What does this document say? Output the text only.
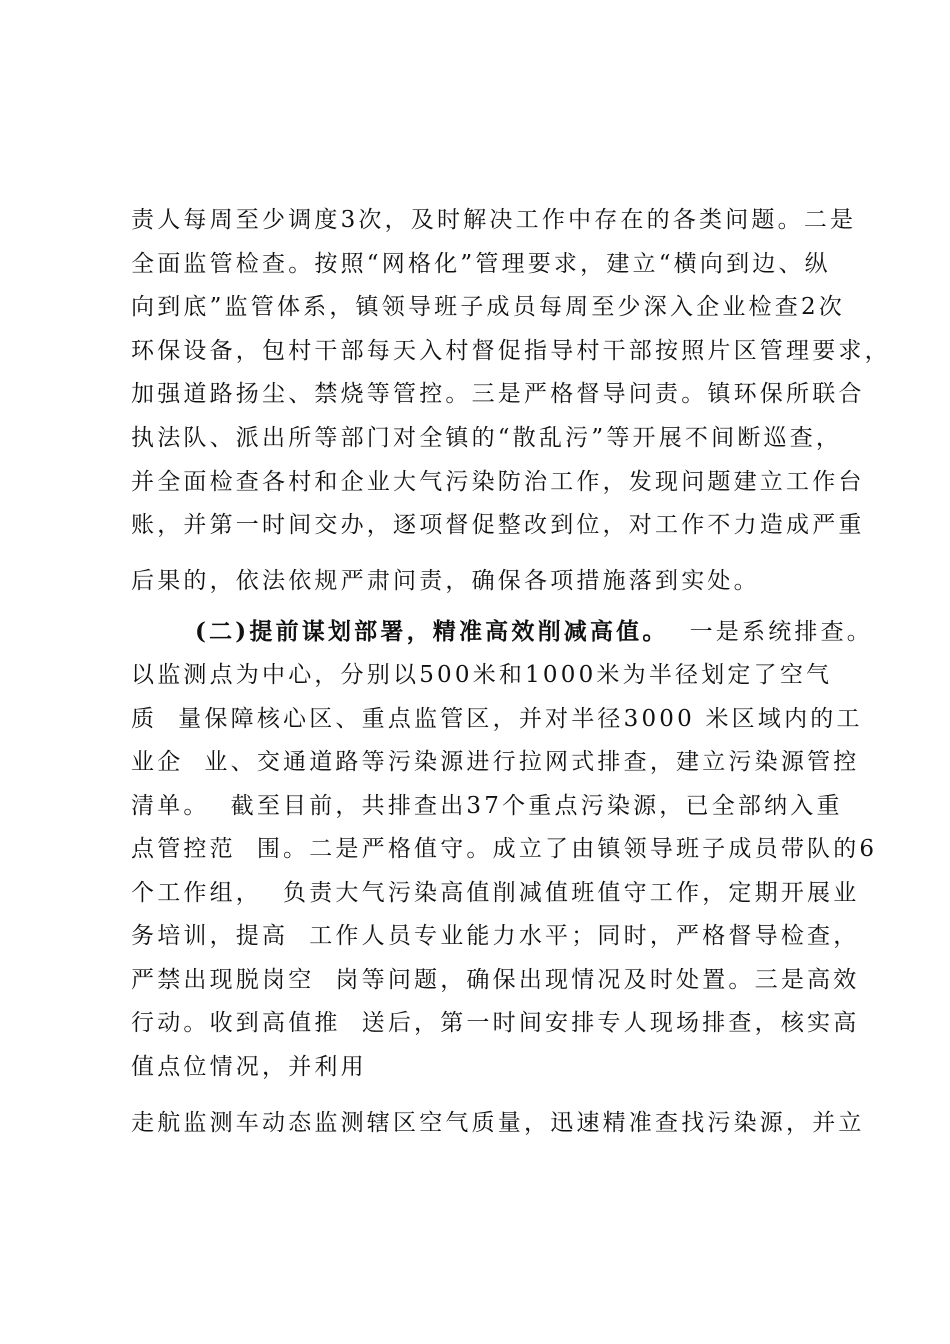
责人每周至少调度3次，及时解决工作中存在的各类问题。二是
全面监管检查。按照“网格化”管理要求，建立“横向到边、纵
向到底”监管体系，镇领导班子成员每周至少深入企业检查2次
环保设备，包村干部每天入村督促指导村干部按照片区管理要求，
加强道路扬尘、禁烧等管控。三是严格督导问责。镇环保所联合
执法队、派出所等部门对全镇的“散乱污”等开展不间断巡查，
并全面检查各村和企业大气污染防治工作，发现问题建立工作台
账，并第一时间交办，逐项督促整改到位，对工作不力造成严重
后果的，依法依规严肃问责，确保各项措施落到实处。
(二)提前谋划部署，精准高效削减高值。  一是系统排查。
以监测点为中心，分别以500米和1000米为半径划定了空气
质  量保障核心区、重点监管区，并对半径3000 米区域内的工
业企  业、交通道路等污染源进行拉网式排查，建立污染源管控
清单。  截至目前，共排查出37个重点污染源，已全部纳入重
点管控范  围。二是严格值守。成立了由镇领导班子成员带队的6
个工作组，  负责大气污染高值削减值班值守工作，定期开展业
务培训，提高  工作人员专业能力水平；同时，严格督导检查，
严禁出现脱岗空  岗等问题，确保出现情况及时处置。三是高效
行动。收到高值推  送后，第一时间安排专人现场排查，核实高
值点位情况，并利用
走航监测车动态监测辖区空气质量，迅速精准查找污染源，并立
